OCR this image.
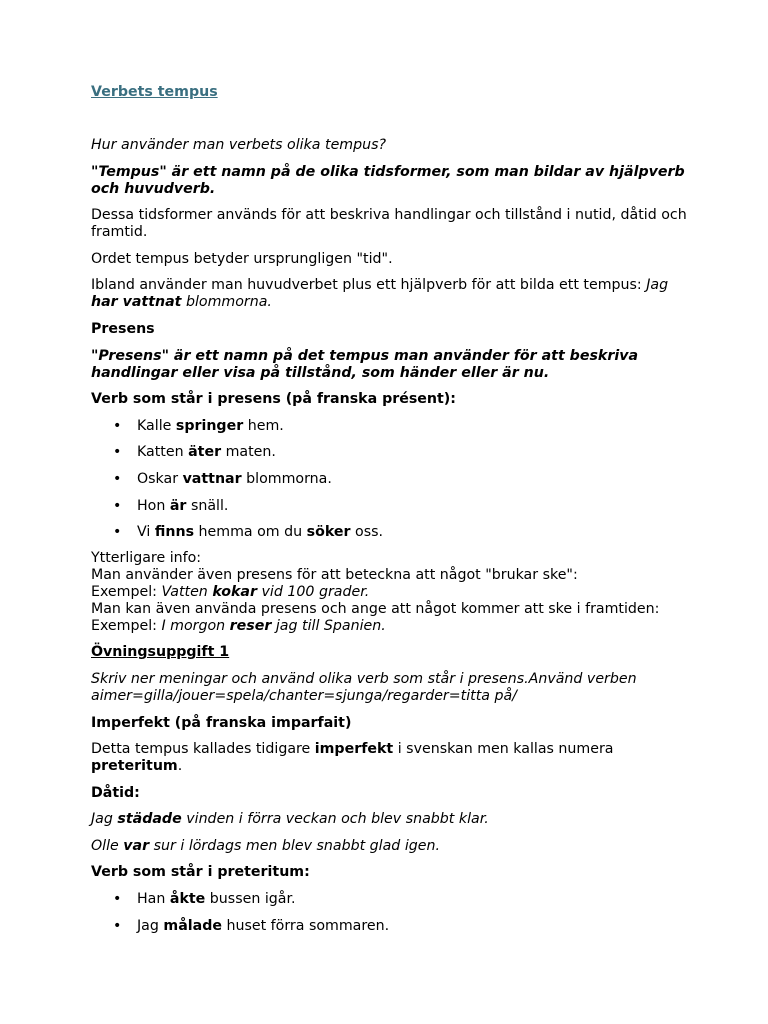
Verbets tempus

Hur använder man verbets olika tempus?

"Tempus" är ett namn på de olika tidsformer, som man bildar av hjälpverb och huvudverb.

Dessa tidsformer används för att beskriva handlingar och tillstånd i nutid, dåtid och framtid.

Ordet tempus betyder ursprungligen "tid".

Ibland använder man huvudverbet plus ett hjälpverb för att bilda ett tempus: Jag har vattnat blommorna.

Presens

"Presens" är ett namn på det tempus man använder för att beskriva handlingar eller visa på tillstånd, som händer eller är nu.

Verb som står i presens (på franska présent):

• Kalle springer hem.
• Katten äter maten.
• Oskar vattnar blommorna.
• Hon är snäll.
• Vi finns hemma om du söker oss.

Ytterligare info:
Man använder även presens för att beteckna att något "brukar ske":
Exempel: Vatten kokar vid 100 grader.
Man kan även använda presens och ange att något kommer att ske i framtiden:
Exempel: I morgon reser jag till Spanien.

Övningsuppgift 1

Skriv ner meningar och använd olika verb som står i presens.Använd verben aimer=gilla/jouer=spela/chanter=sjunga/regarder=titta på/

Imperfekt (på franska imparfait)

Detta tempus kallades tidigare imperfekt i svenskan men kallas numera preteritum.

Dåtid:

Jag städade vinden i förra veckan och blev snabbt klar.

Olle var sur i lördags men blev snabbt glad igen.

Verb som står i preteritum:

• Han åkte bussen igår.
• Jag målade huset förra sommaren.
